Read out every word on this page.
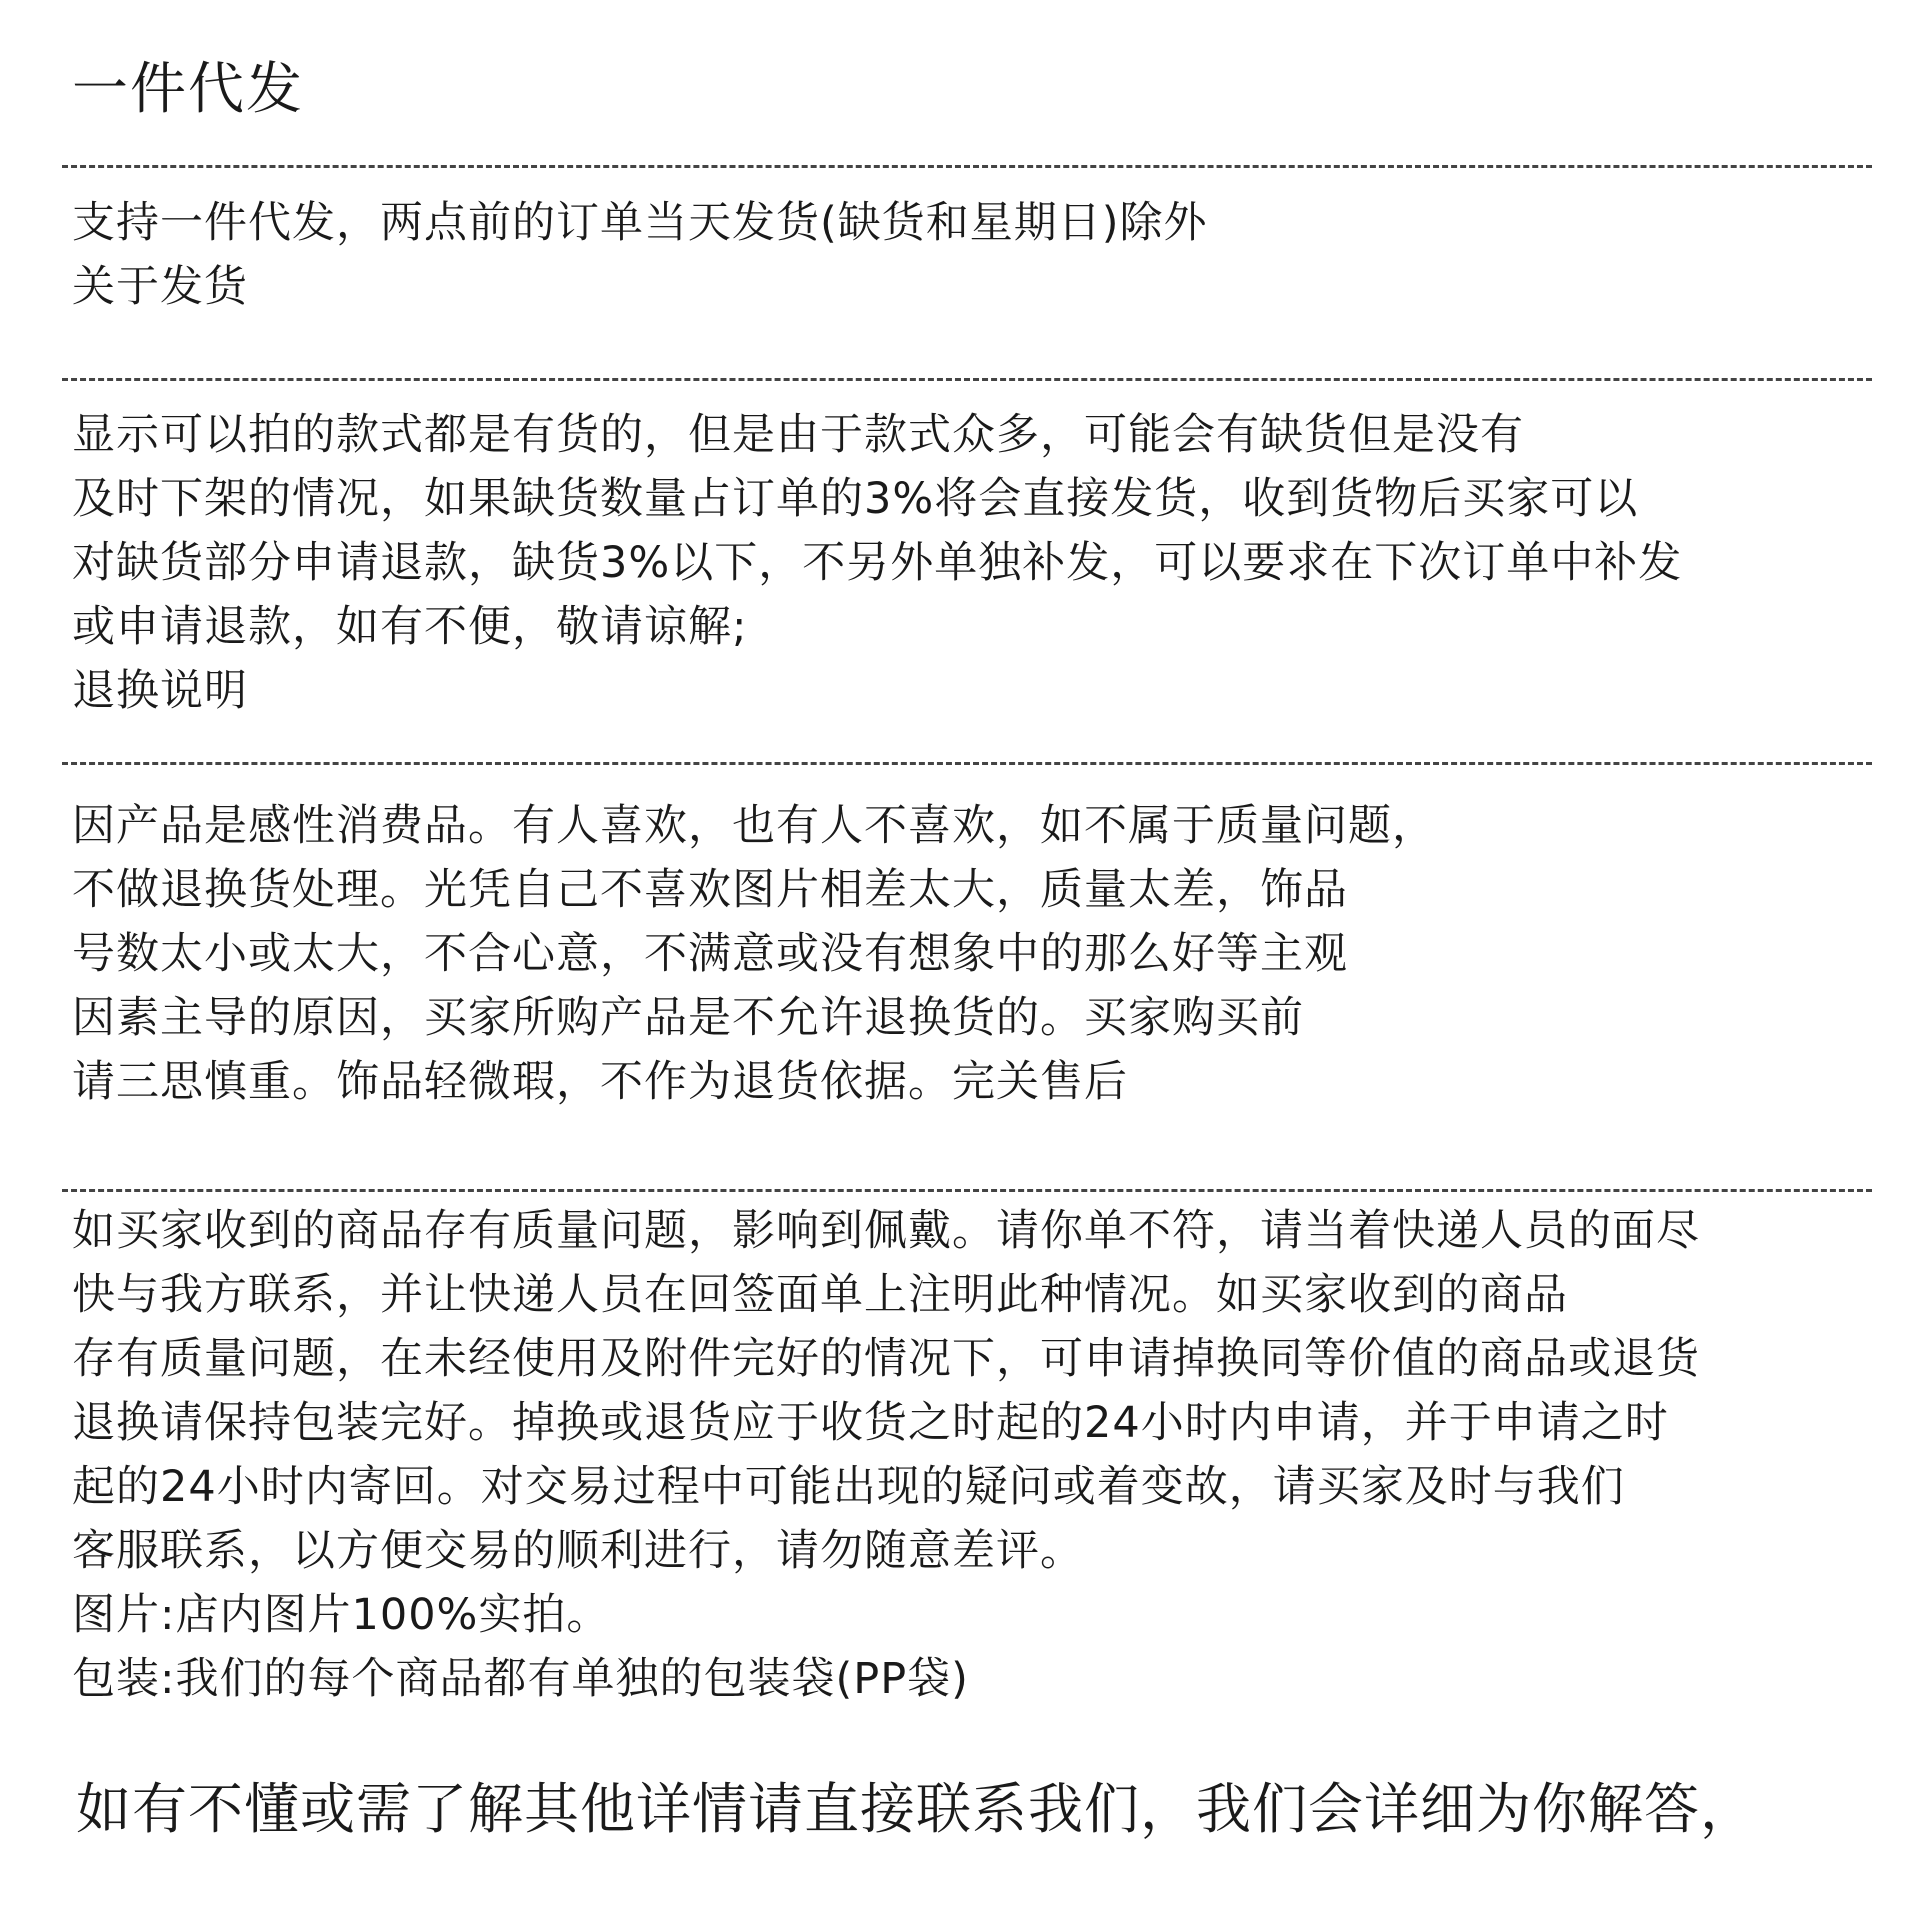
一件代发
支持一件代发，两点前的订单当天发货(缺货和星期日)除外
关于发货
显示可以拍的款式都是有货的，但是由于款式众多，可能会有缺货但是没有
及时下架的情况，如果缺货数量占订单的3%将会直接发货，收到货物后买家可以
对缺货部分申请退款，缺货3%以下，不另外单独补发，可以要求在下次订单中补发
或申请退款，如有不便，敬请谅解;
退换说明
因产品是感性消费品。有人喜欢，也有人不喜欢，如不属于质量问题，
不做退换货处理。光凭自己不喜欢图片相差太大，质量太差，饰品
号数太小或太大，不合心意，不满意或没有想象中的那么好等主观
因素主导的原因，买家所购产品是不允许退换货的。买家购买前
请三思慎重。饰品轻微瑕，不作为退货依据。完关售后
如买家收到的商品存有质量问题，影响到佩戴。请你单不符，请当着快递人员的面尽
快与我方联系，并让快递人员在回签面单上注明此种情况。如买家收到的商品
存有质量问题，在未经使用及附件完好的情况下，可申请掉换同等价值的商品或退货
退换请保持包装完好。掉换或退货应于收货之时起的24小时内申请，并于申请之时
起的24小时内寄回。对交易过程中可能出现的疑问或着变故，请买家及时与我们
客服联系，以方便交易的顺利进行，请勿随意差评。
图片:店内图片100%实拍。
包装:我们的每个商品都有单独的包装袋(PP袋)
如有不懂或需了解其他详情请直接联系我们，我们会详细为你解答，
